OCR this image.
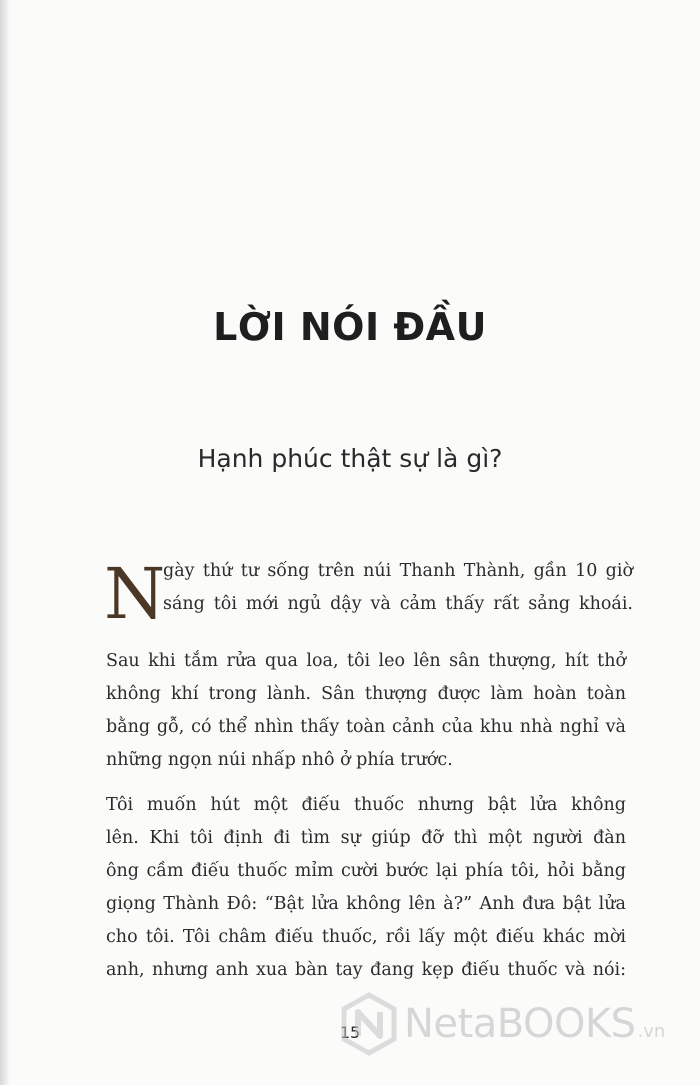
LỜI NÓI ĐẦU
Hạnh phúc thật sự là gì?
N
gày thứ tư sống trên núi Thanh Thành, gần 10 giờ
sáng tôi mới ngủ dậy và cảm thấy rất sảng khoái.
Sau khi tắm rửa qua loa, tôi leo lên sân thượng, hít thở
không khí trong lành. Sân thượng được làm hoàn toàn
bằng gỗ, có thể nhìn thấy toàn cảnh của khu nhà nghỉ và
những ngọn núi nhấp nhô ở phía trước.
Tôi muốn hút một điếu thuốc nhưng bật lửa không
lên. Khi tôi định đi tìm sự giúp đỡ thì một người đàn
ông cầm điếu thuốc mỉm cười bước lại phía tôi, hỏi bằng
giọng Thành Đô: “Bật lửa không lên à?” Anh đưa bật lửa
cho tôi. Tôi châm điếu thuốc, rồi lấy một điếu khác mời
anh, nhưng anh xua bàn tay đang kẹp điếu thuốc và nói:
15	NetaBOOKS .vn
